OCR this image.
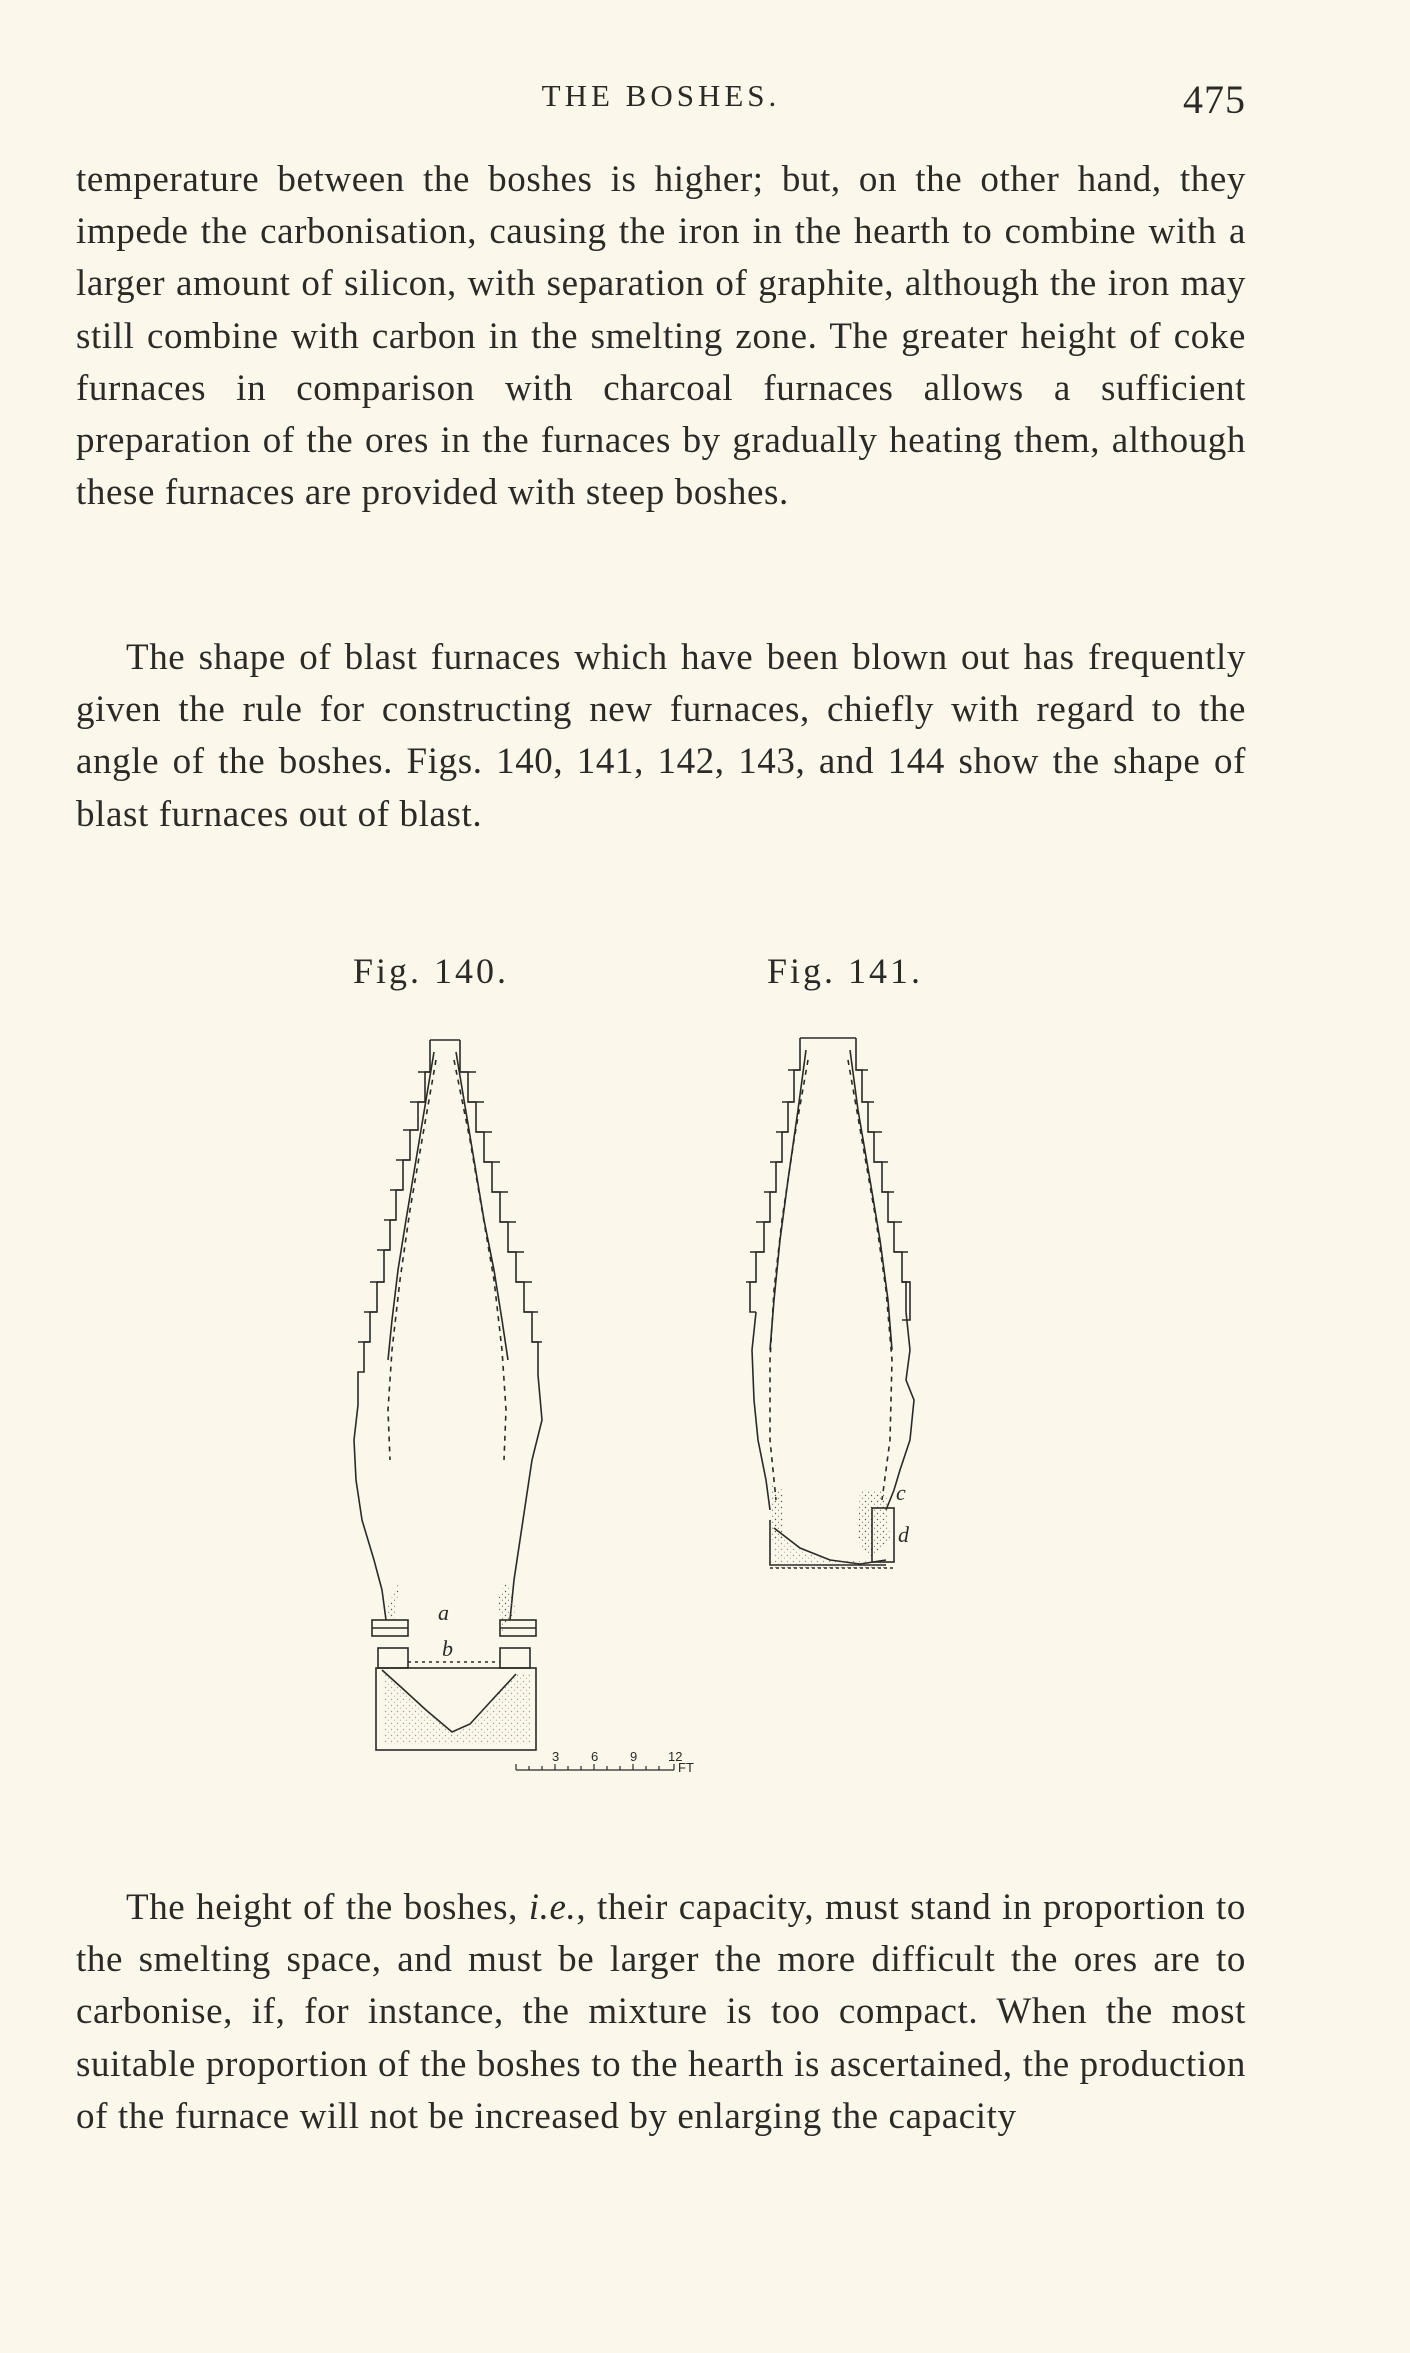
THE BOSHES.	475

temperature between the boshes is higher; but, on the other hand, they impede the carbonisation, causing the iron in the hearth to combine with a larger amount of silicon, with separation of graphite, although the iron may still combine with carbon in the smelting zone. The greater height of coke furnaces in comparison with charcoal furnaces allows a sufficient preparation of the ores in the furnaces by gradually heating them, although these furnaces are provided with steep boshes.

The shape of blast furnaces which have been blown out has frequently given the rule for constructing new furnaces, chiefly with regard to the angle of the boshes. Figs. 140, 141, 142, 143, and 144 show the shape of blast furnaces out of blast.

Fig. 140.	Fig. 141.
a
b
c
d
3 6 9 12
FT

The height of the boshes, i.e., their capacity, must stand in proportion to the smelting space, and must be larger the more difficult the ores are to carbonise, if, for instance, the mixture is too compact. When the most suitable proportion of the boshes to the hearth is ascertained, the production of the furnace will not be increased by enlarging the capacity
